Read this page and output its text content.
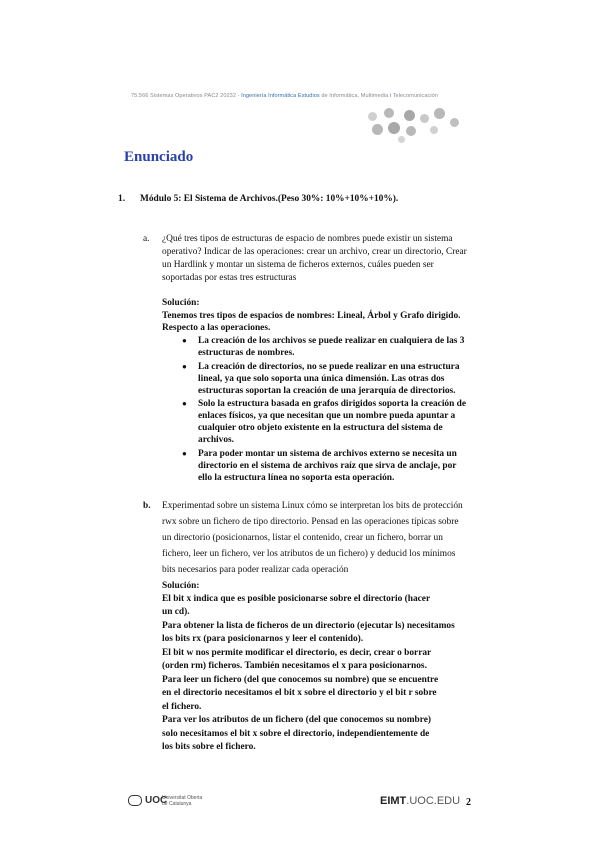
75.566 Sistemas Operativos PAC2 20232 - Ingeniería Informática Estudios de Informática, Multimedia i Telecomunicación
Enunciado
1. Módulo 5: El Sistema de Archivos.(Peso 30%: 10%+10%+10%).
a. ¿Qué tres tipos de estructuras de espacio de nombres puede existir un sistema
operativo? Indicar de las operaciones: crear un archivo, crear un directorio, Crear
un Hardlink y montar un sistema de ficheros externos, cuáles pueden ser
soportadas por estas tres estructuras
Solución:
Tenemos tres tipos de espacios de nombres: Lineal, Árbol y Grafo dirigido.
Respecto a las operaciones.
● La creación de los archivos se puede realizar en cualquiera de las 3
estructuras de nombres.
● La creación de directorios, no se puede realizar en una estructura
lineal, ya que solo soporta una única dimensión. Las otras dos
estructuras soportan la creación de una jerarquía de directorios.
● Solo la estructura basada en grafos dirigidos soporta la creación de
enlaces físicos, ya que necesitan que un nombre pueda apuntar a
cualquier otro objeto existente en la estructura del sistema de
archivos.
● Para poder montar un sistema de archivos externo se necesita un
directorio en el sistema de archivos raíz que sirva de anclaje, por
ello la estructura línea no soporta esta operación.
b. Experimentad sobre un sistema Linux cómo se interpretan los bits de protección
rwx sobre un fichero de tipo directorio. Pensad en las operaciones típicas sobre
un directorio (posicionarnos, listar el contenido, crear un fichero, borrar un
fichero, leer un fichero, ver los atributos de un fichero) y deducid los mínimos
bits necesarios para poder realizar cada operación
Solución:
El bit x indica que es posible posicionarse sobre el directorio (hacer
un cd).
Para obtener la lista de ficheros de un directorio (ejecutar ls) necesitamos
los bits rx (para posicionarnos y leer el contenido).
El bit w nos permite modificar el directorio, es decir, crear o borrar
(orden rm) ficheros. También necesitamos el x para posicionarnos.
Para leer un fichero (del que conocemos su nombre) que se encuentre
en el directorio necesitamos el bit x sobre el directorio y el bit r sobre
el fichero.
Para ver los atributos de un fichero (del que conocemos su nombre)
solo necesitamos el bit x sobre el directorio, independientemente de
los bits sobre el fichero.
UOC
Universitat Oberta
de Catalunya	EIMT.UOC.EDU 2
